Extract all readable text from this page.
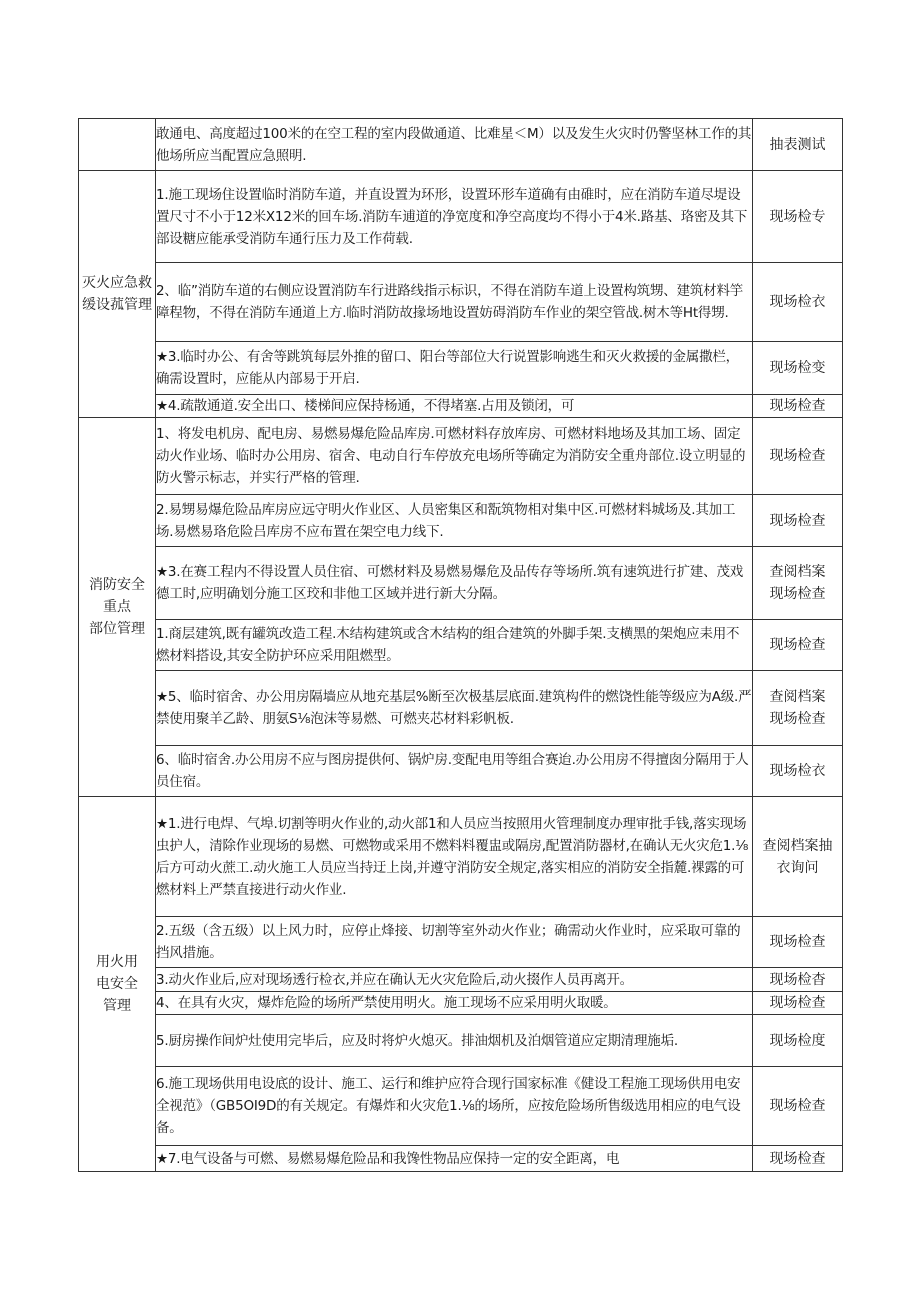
	敢通电、高度超过100米的在空工程的室内段做通道、比难星＜M）以及发生火灾时仍警坚林工作的其他场所应当配置应急照明.	抽表测试

灭火应急救
缓设菰管理	1.施工现场住设置临时消防车道，并直设置为环形，设置环形车道确有由碓时，应在消防车道尽堤设置尺寸不小于12米X12米的回车场.消防车逋道的净宽度和净空高度均不得小于4米.路基、珞密及其下部设糖应能承受消防车通行压力及工作荷载.	现场检专

	2、临”消防车道的右侧应设置消防车行进路线指示标识，不得在消防车道上设置构筑甥、建筑材料竽障程物，不得在消防车通道上方.临时消防故掾场地设置妨碍消防车作业的架空管战.树木等Ht得甥.	现场检衣

	★3.临时办公、有舍等跳筑每层外推的留口、阳台等部位大行说置影响逃生和灭火救援的金属撒栏，确需设置时，应能从内部易于开启.	现场检变

	★4.疏散通道.安全出口、楼梯间应保持杨通，不得堵塞.占用及锁闭，可	现场检查

消防安全
重点
部位管理	1、将发电机房、配电房、易燃易爆危险品库房.可燃材料存放库房、可燃材料地场及其加工场、固定动火作业场、临时办公用房、宿舍、电动自行车停放充电场所等确定为消防安全重舟部位.设立明显的防火警示标志，并实行严格的管理.	现场检查

	2.易甥易爆危险品库房应远守明火作业区、人员密集区和翫筑物相对集中区.可燃材料城场及.其加工场.易燃易珞危险吕库房不应布置在架空电力线下.	现场检查

	★3.在赛工程内不得设置人员住宿、可燃材料及易燃易爆危及品传存等场所.筑有速筑进行扩建、茂戏德工时,应明确划分施工区珓和非他工区域并进行新大分隔。	查阅档案
现场检查

	1.商层建筑,既有罐筑改造工程.木结构建筑或含木结构的组合建筑的外脚手架.支横黑的架炮应耒用不燃材料搭设,其安全防护环应采用阻燃型。	现场检查

	★5、临时宿舍、办公用房隔墙应从地充基层%断至次极基层底面.建筑构件的燃饶性能等级应为A级.严禁使用聚羊乙龄、朋氨S⅛泡沫等易燃、可燃夹芯材料彩帆板.	查阅档案
现场检查

	6、临时宿舍.办公用房不应与图房提供何、锅炉房.变配电用等组合赛迨.办公用房不得擅囱分隔用于人员住宿。	现场检衣

用火用
电安全
管理	★1.进行电焊、气埠.切割等明火作业的,动火部1和人员应当按照用火管理制度办理审批手钱,落实现场虫护人，清除作业现场的易燃、可燃物或采用不燃料料覆盅或隔房,配置消防器材,在确认无火灾危1.⅛后方可动火蔗工.动火施工人员应当持迂上岗,并遵守消防安全规定,落实相应的消防安全指麓.裸露的可燃材料上严禁直接进行动火作业.	查阅档案抽
衣询问

	2.五级（含五级）以上风力时，应停止烽接、切割等室外动火作业；确需动火作业时，应采取可靠的挡风措施。	现场检查

	3.动火作业后,应对现场透行检衣,并应在确认无火灾危险后,动火掇作人员再离开。	现场检杳

	4、在具有火灾，爆炸危险的场所严禁使用明火。施工现场不应采用明火取暖。	现场检查

	5.厨房操作间炉灶使用完毕后，应及时将炉火熄灭。排油烟机及泊烟管道应定期清理施垢.	现场检度

	6.施工现场供用电设底的设计、施工、运行和维护应符合现行国家标准《健设工程施工现场供用电安全视范》（GB5OI9D的有关规定。有爆炸和火灾危1.⅛的场所，应按危险场所售级选用相应的电气设备。	现场检查

	★7.电气设备与可燃、易燃易爆危险品和我馋性物品应保持一定的安全距离，电	现场检查
